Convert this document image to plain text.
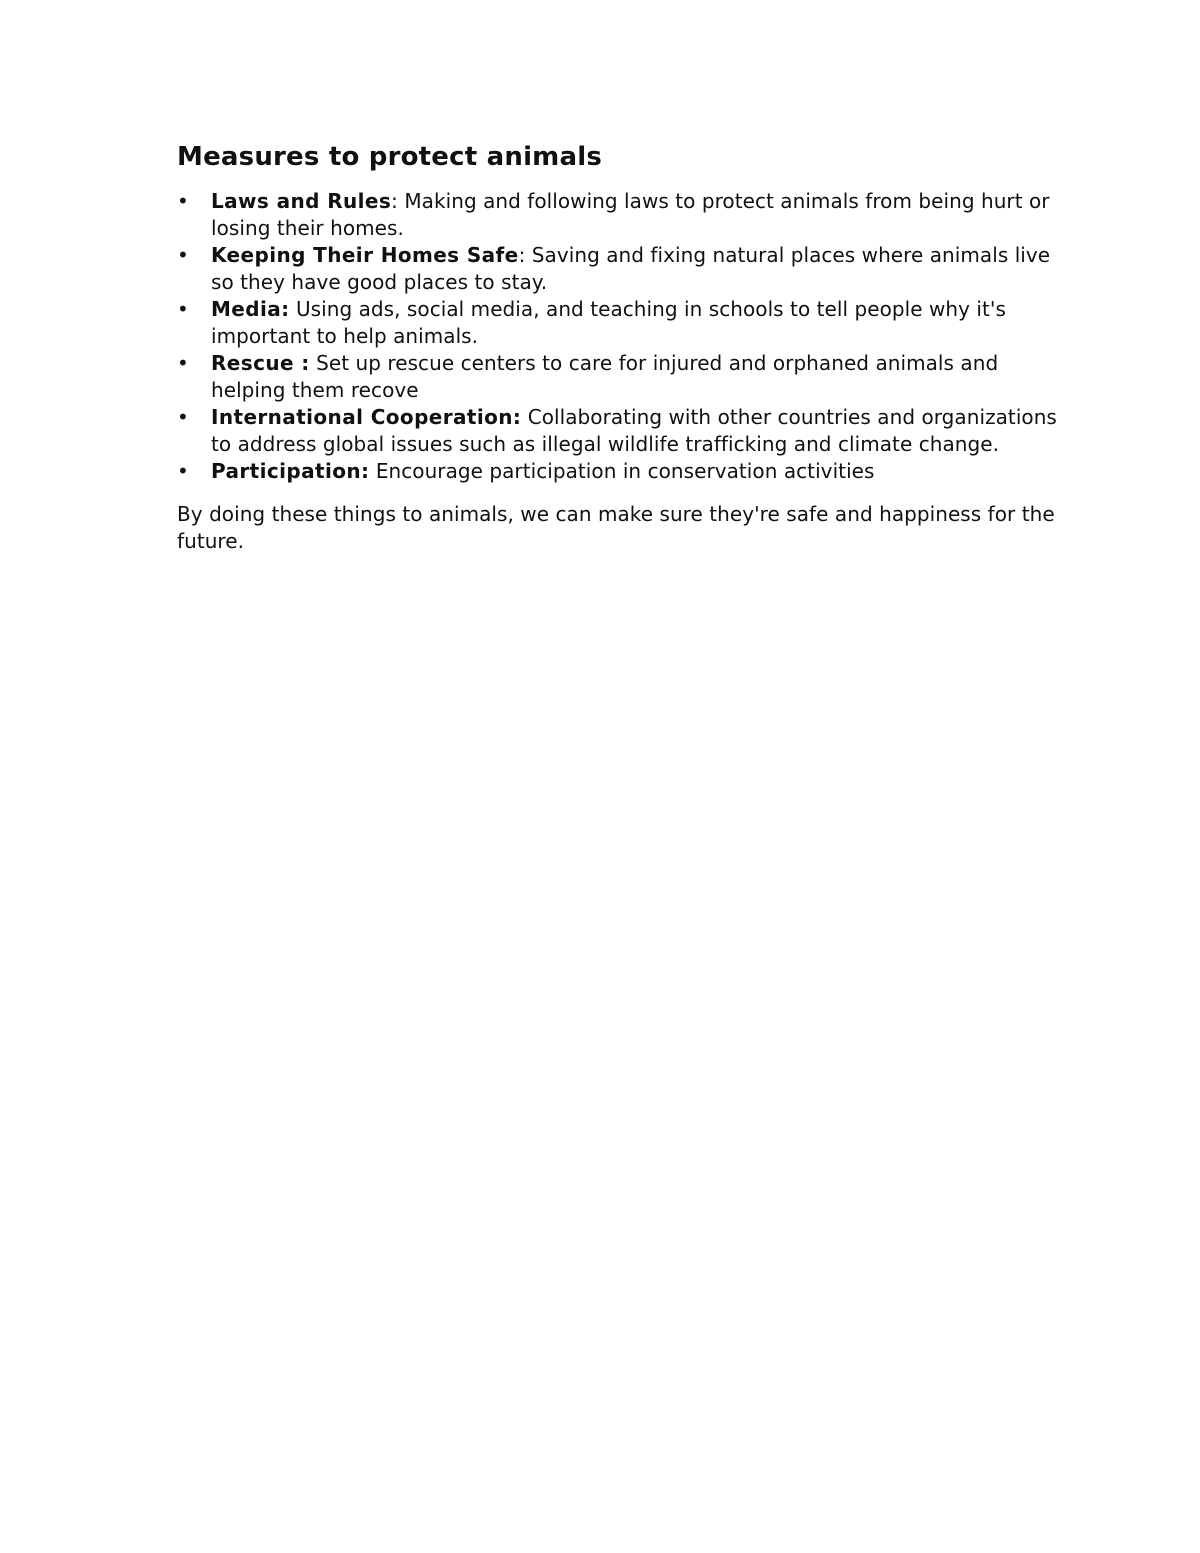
Measures to protect animals
• Laws and Rules: Making and following laws to protect animals from being hurt or losing their homes.
• Keeping Their Homes Safe: Saving and fixing natural places where animals live so they have good places to stay.
• Media: Using ads, social media, and teaching in schools to tell people why it's important to help animals.
• Rescue : Set up rescue centers to care for injured and orphaned animals and helping them recove
• International Cooperation: Collaborating with other countries and organizations to address global issues such as illegal wildlife trafficking and climate change.
• Participation: Encourage participation in conservation activities

By doing these things to animals, we can make sure they're safe and happiness for the future.
